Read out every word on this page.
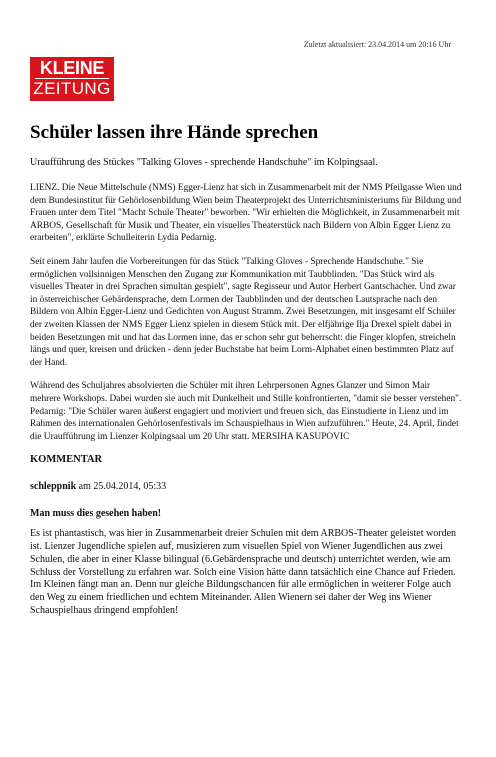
Zuletzt aktualisiert: 23.04.2014 um 20:16 Uhr
KLEINE
ZEITUNG
Schüler lassen ihre Hände sprechen

Uraufführung des Stückes "Talking Gloves - sprechende Handschuhe" im Kolpingsaal.

LIENZ. Die Neue Mittelschule (NMS) Egger-Lienz hat sich in Zusammenarbeit mit der NMS Pfeilgasse Wien und dem Bundesinstitut für Gehörlosenbildung Wien beim Theaterprojekt des Unterrichtsministeriums für Bildung und Frauen unter dem Titel "Macht Schule Theater" beworben. "Wir erhielten die Möglichkeit, in Zusammenarbeit mit ARBOS, Gesellschaft für Musik und Theater, ein visuelles Theaterstück nach Bildern von Albin Egger Lienz zu erarbeiten", erklärte Schulleiterin Lydia Pedarnig.

Seit einem Jahr laufen die Vorbereitungen für das Stück "Talking Gloves - Sprechende Handschuhe." Sie ermöglichen vollsinnigen Menschen den Zugang zur Kommunikation mit Taubblinden. "Das Stück wird als visuelles Theater in drei Sprachen simultan gespielt", sagte Regisseur und Autor Herbert Gantschacher. Und zwar in österreichischer Gebärdensprache, dem Lormen der Taubblinden und der deutschen Lautsprache nach den Bildern von Albin Egger-Lienz und Gedichten von August Stramm. Zwei Besetzungen, mit insgesamt elf Schüler der zweiten Klassen der NMS Egger Lienz spielen in diesem Stück mit. Der elfjährige Ilja Drexel spielt dabei in beiden Besetzungen mit und hat das Lormen inne, das er schon sehr gut beherrscht: die Finger klopfen, streicheln längs und quer, kreisen und drücken - denn jeder Buchstabe hat beim Lorm-Alphabet einen bestimmten Platz auf der Hand.

Während des Schuljahres absolvierten die Schüler mit ihren Lehrpersonen Agnes Glanzer und Simon Mair mehrere Workshops. Dabei wurden sie auch mit Dunkelheit und Stille konfrontierten, "damit sie besser verstehen". Pedarnig: "Die Schüler waren äußerst engagiert und motiviert und freuen sich, das Einstudierte in Lienz und im Rahmen des internationalen Gehörlosenfestivals im Schauspielhaus in Wien aufzuführen." Heute, 24. April, findet die Uraufführung im Lienzer Kolpingsaal um 20 Uhr statt. MERSIHA KASUPOVIC

KOMMENTAR
schleppnik am 25.04.2014, 05:33
Man muss dies gesehen haben!

Es ist phantastisch, was hier in Zusammenarbeit dreier Schulen mit dem ARBOS-Theater geleistet worden ist. Lienzer Jugendliche spielen auf, musizieren zum visuellen Spiel von Wiener Jugendlichen aus zwei Schulen, die aber in einer Klasse bilingual (6.Gebärdensprache und deutsch) unterrichtet werden, wie am Schluss der Vorstellung zu erfahren war. Solch eine Vision hätte dann tatsächlich eine Chance auf Frieden. Im Kleinen fängt man an. Denn nur gleiche Bildungschancen für alle ermöglichen in weiterer Folge auch den Weg zu einem friedlichen und echtem Miteinander. Allen Wienern sei daher der Weg ins Wiener Schauspielhaus dringend empfohlen!
